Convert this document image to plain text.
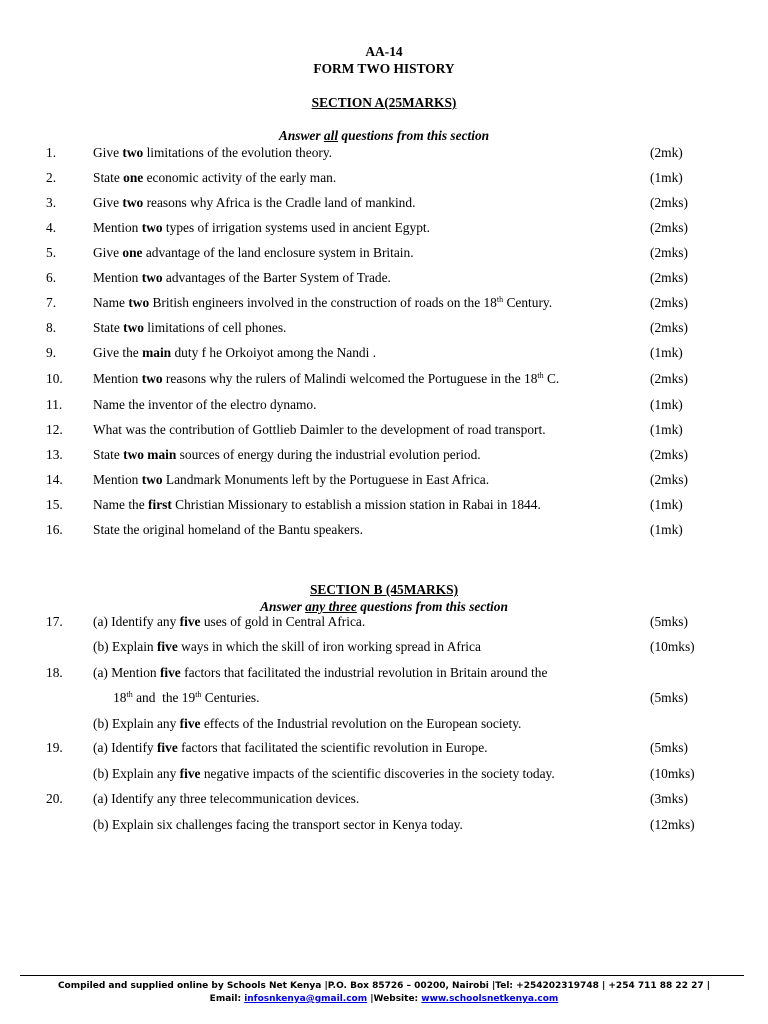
AA-14
FORM TWO HISTORY
SECTION A(25MARKS)
Answer all questions from this section
1.	Give two limitations of the evolution theory.	(2mk)
2.	State one economic activity of the early man.	(1mk)
3.	Give two reasons why Africa is the Cradle land of mankind.	(2mks)
4.	Mention two types of irrigation systems used in ancient Egypt.	(2mks)
5.	Give one advantage of the land enclosure system in Britain.	(2mks)
6.	Mention two advantages of the Barter System of Trade.	(2mks)
7.	Name two British engineers involved in the construction of roads on the 18th Century.	(2mks)
8.	State two limitations of cell phones.	(2mks)
9.	Give the main duty f he Orkoiyot among the Nandi .	(1mk)
10. Mention two reasons why the rulers of Malindi welcomed the Portuguese in the 18th C.	(2mks)
11. Name the inventor of the electro dynamo.	(1mk)
12. What was the contribution of Gottlieb Daimler to the development of road transport.	(1mk)
13. State two main sources of energy during the industrial evolution period.	(2mks)
14. Mention two Landmark Monuments left by the Portuguese in East Africa.	(2mks)
15. Name the first Christian Missionary to establish a mission station in Rabai in 1844.	(1mk)
16. State the original homeland of the Bantu speakers.	(1mk)
SECTION B (45MARKS)
Answer any three questions from this section
17. (a) Identify any five uses of gold in Central Africa.	(5mks)
(b) Explain five ways in which the skill of iron working spread in Africa	(10mks)
18. (a) Mention five factors that facilitated the industrial revolution in Britain around the
18th and  the 19th Centuries.	(5mks)
(b) Explain any five effects of the Industrial revolution on the European society.
19. (a) Identify five factors that facilitated the scientific revolution in Europe.	(5mks)
(b) Explain any five negative impacts of the scientific discoveries in the society today.	(10mks)
20. (a) Identify any three telecommunication devices.	(3mks)
(b) Explain six challenges facing the transport sector in Kenya today.	(12mks)
Compiled and supplied online by Schools Net Kenya |P.O. Box 85726 – 00200, Nairobi |Tel: +254202319748 | +254 711 88 22 27 |
Email: infosnkenya@gmail.com |Website: www.schoolsnetkenya.com
